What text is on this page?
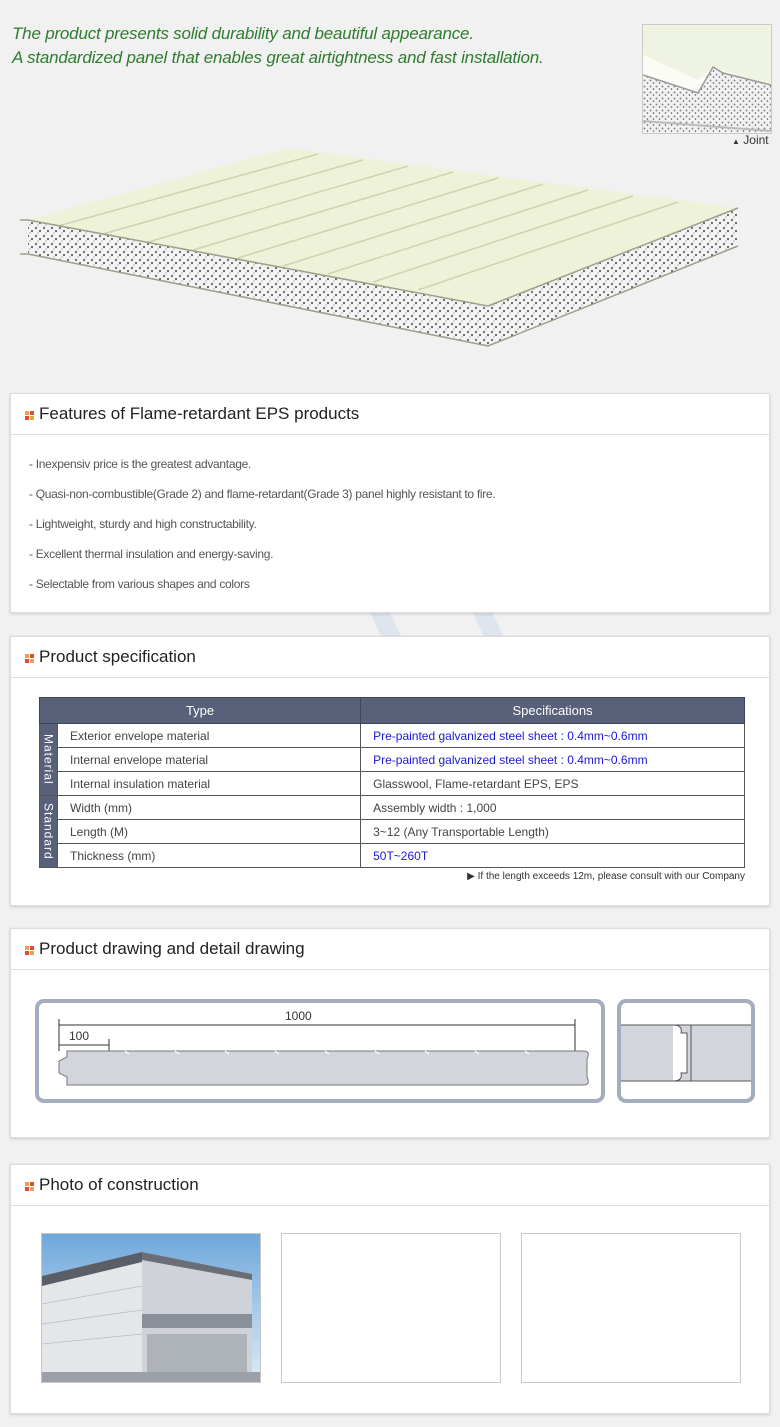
The product presents solid durability and beautiful appearance.
A standardized panel that enables great airtightness and fast installation.
▲ Joint
Features of Flame-retardant EPS products
- Inexpensiv price is the greatest advantage.
- Quasi-non-combustible(Grade 2) and flame-retardant(Grade 3) panel highly resistant to fire.
- Lightweight, sturdy and high constructability.
- Excellent thermal insulation and energy-saving.
- Selectable from various shapes and colors
Product specification
Type		Specifications

Material	Exterior envelope material	Pre-painted galvanized steel sheet : 0.4mm~0.6mm
	Internal envelope material	Pre-painted galvanized steel sheet : 0.4mm~0.6mm
	Internal insulation material	Glasswool, Flame-retardant EPS, EPS

Standard	Width (mm)	Assembly width : 1,000
	Length (M)	3~12 (Any Transportable Length)
	Thickness (mm)	50T~260T
▶ If the length exceeds 12m, please consult with our Company
Product drawing and detail drawing
1000
100
Photo of construction
